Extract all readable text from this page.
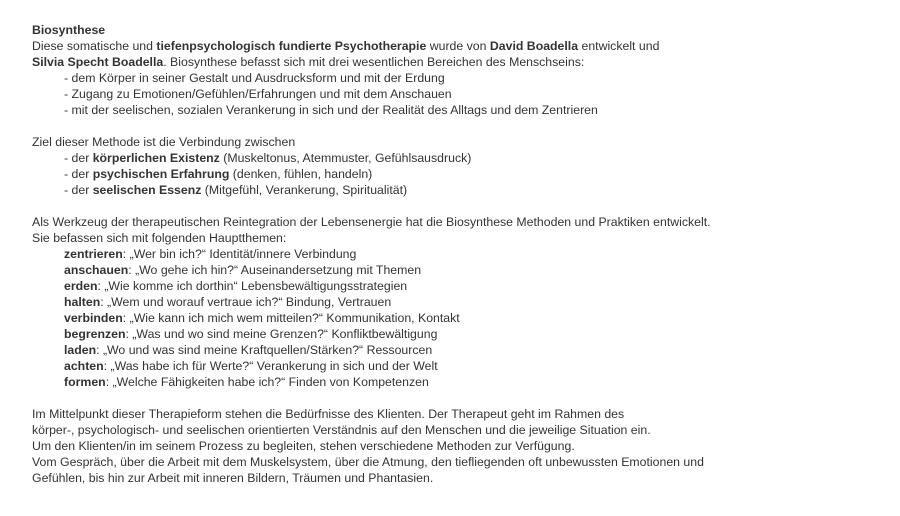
Biosynthese
Diese somatische und tiefenpsychologisch fundierte Psychotherapie wurde von David Boadella entwickelt und
Silvia Specht Boadella. Biosynthese befasst sich mit drei wesentlichen Bereichen des Menschseins:
- dem Körper in seiner Gestalt und Ausdrucksform und mit der Erdung
- Zugang zu Emotionen/Gefühlen/Erfahrungen und mit dem Anschauen
- mit der seelischen, sozialen Verankerung in sich und der Realität des Alltags und dem Zentrieren
Ziel dieser Methode ist die Verbindung zwischen
- der körperlichen Existenz (Muskeltonus, Atemmuster, Gefühlsausdruck)
- der psychischen Erfahrung (denken, fühlen, handeln)
- der seelischen Essenz (Mitgefühl, Verankerung, Spiritualität)
Als Werkzeug der therapeutischen Reintegration der Lebensenergie hat die Biosynthese Methoden und Praktiken entwickelt.
Sie befassen sich mit folgenden Hauptthemen:
zentrieren: „Wer bin ich?“ Identität/innere Verbindung
anschauen: „Wo gehe ich hin?“ Auseinandersetzung mit Themen
erden: „Wie komme ich dorthin“ Lebensbewältigungsstrategien
halten: „Wem und worauf vertraue ich?“ Bindung, Vertrauen
verbinden: „Wie kann ich mich wem mitteilen?“ Kommunikation, Kontakt
begrenzen: „Was und wo sind meine Grenzen?“ Konfliktbewältigung
laden: „Wo und was sind meine Kraftquellen/Stärken?“ Ressourcen
achten: „Was habe ich für Werte?“ Verankerung in sich und der Welt
formen: „Welche Fähigkeiten habe ich?“ Finden von Kompetenzen
Im Mittelpunkt dieser Therapieform stehen die Bedürfnisse des Klienten. Der Therapeut geht im Rahmen des
körper-, psychologisch- und seelischen orientierten Verständnis auf den Menschen und die jeweilige Situation ein.
Um den Klienten/in im seinem Prozess zu begleiten, stehen verschiedene Methoden zur Verfügung.
Vom Gespräch, über die Arbeit mit dem Muskelsystem, über die Atmung, den tiefliegenden oft unbewussten Emotionen und
Gefühlen, bis hin zur Arbeit mit inneren Bildern, Träumen und Phantasien.
